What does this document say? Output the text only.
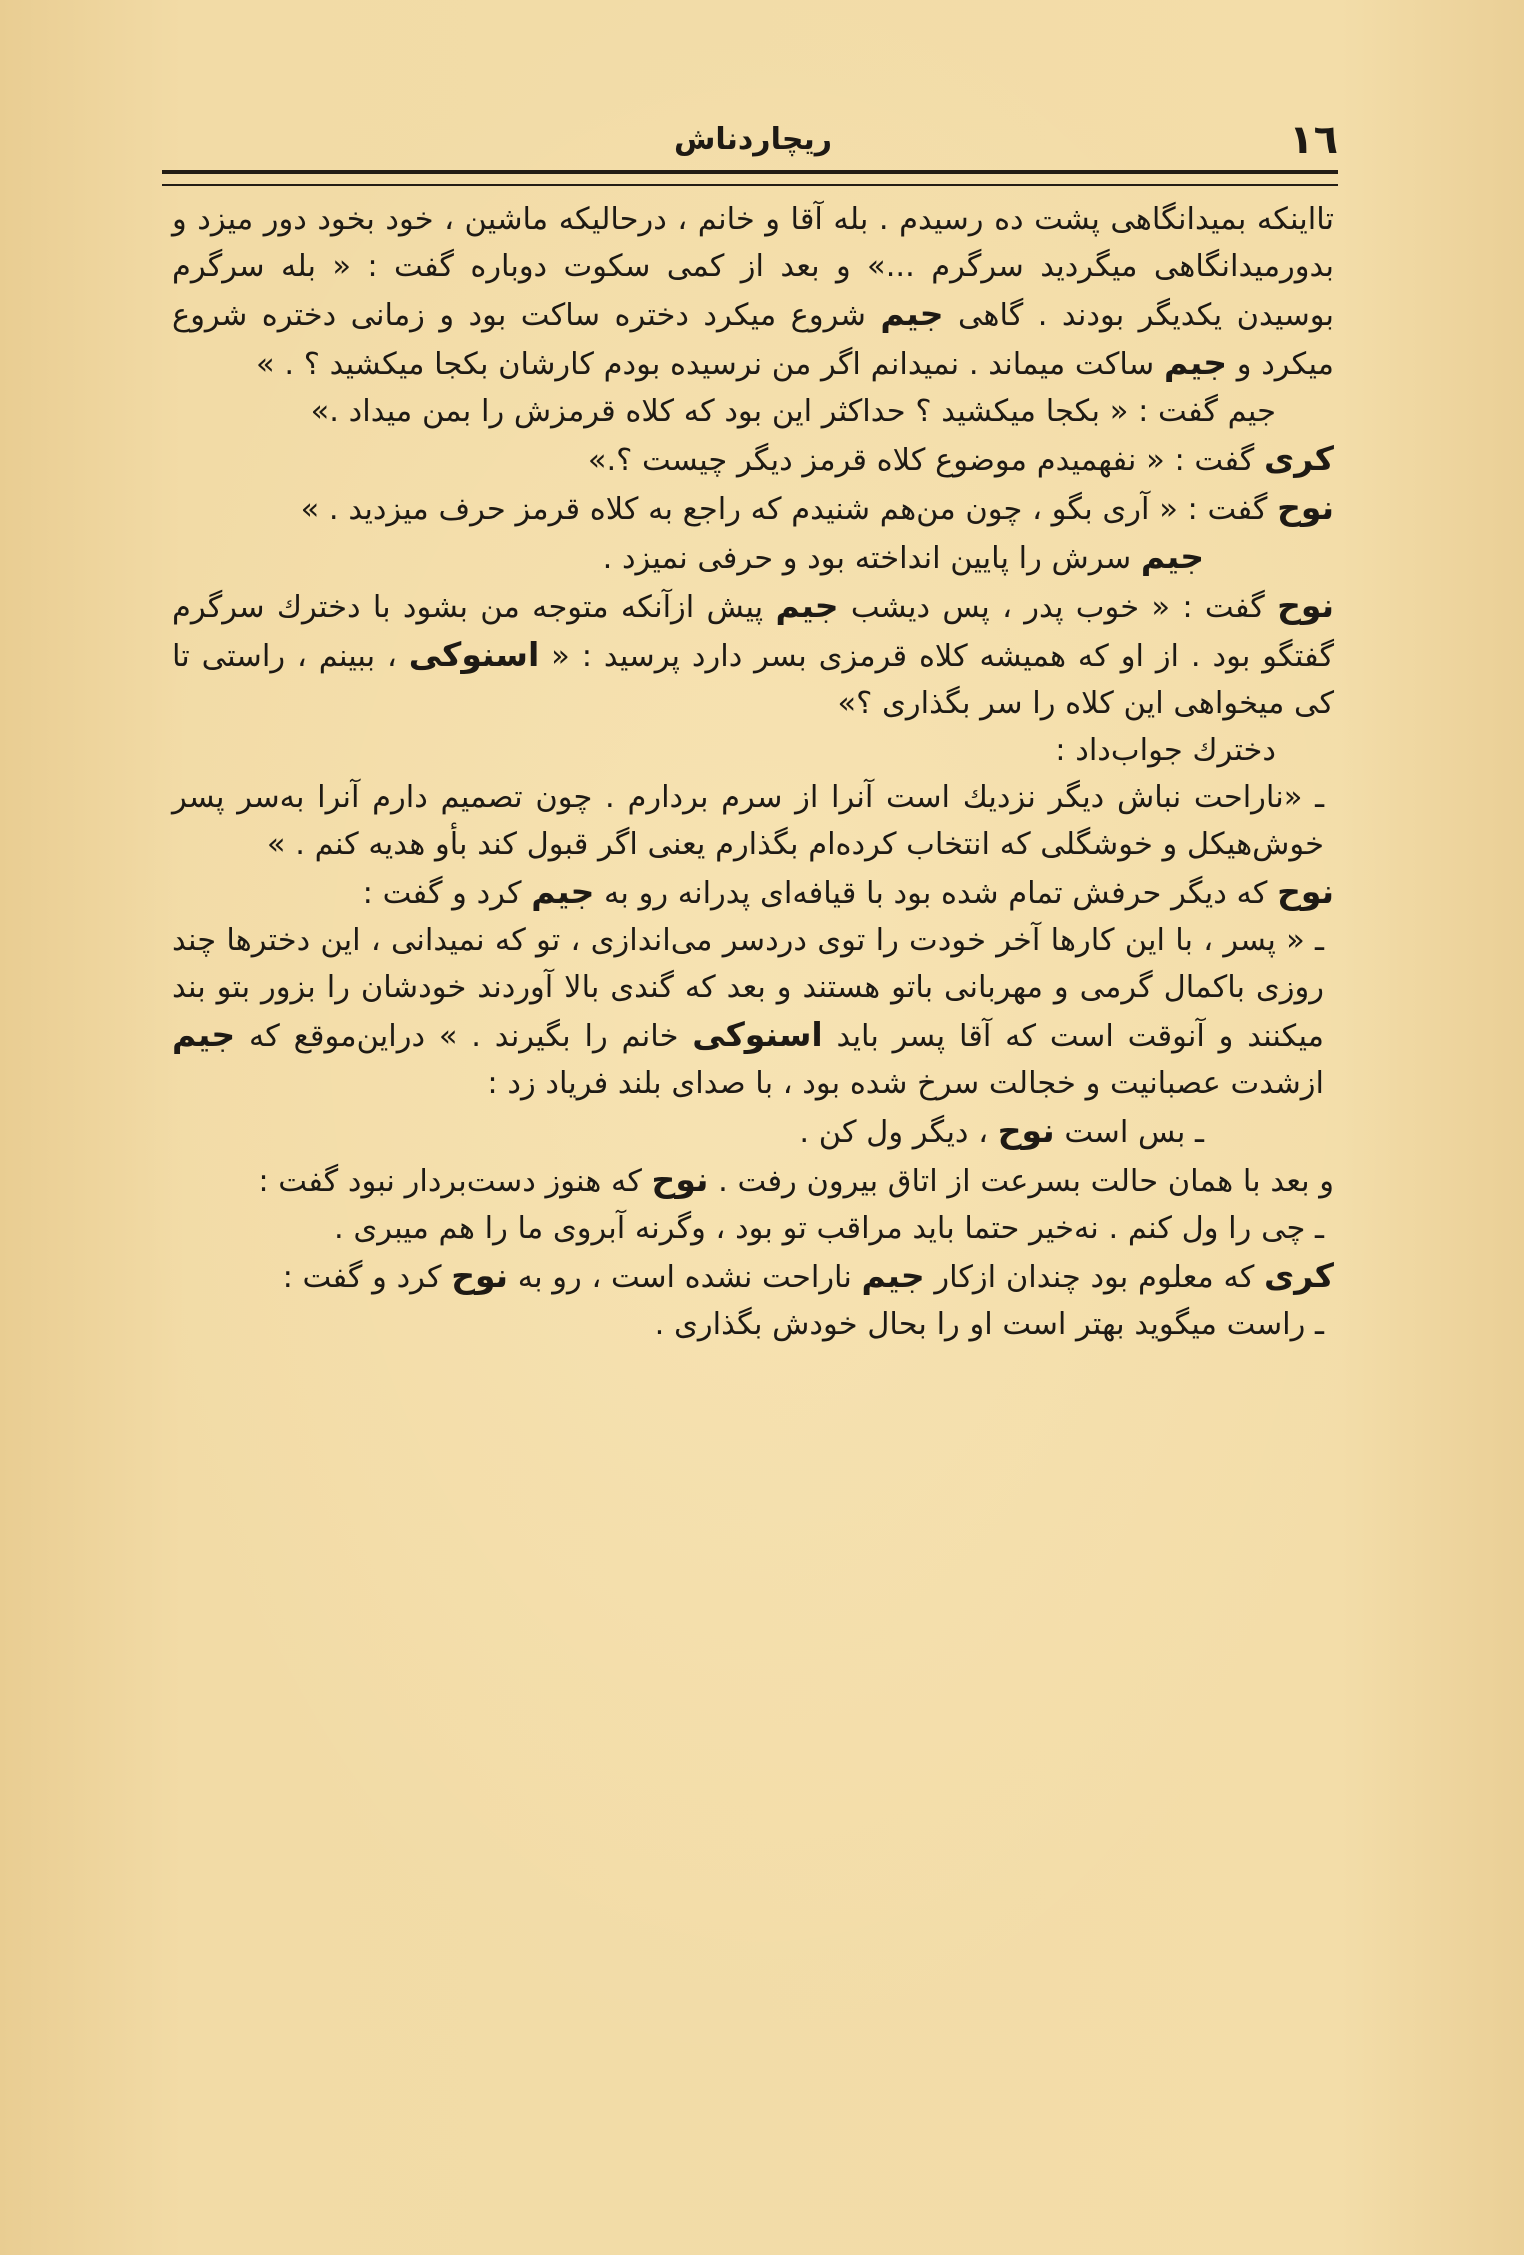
١٦
ریچاردناش

تااینکه بمیدانگاهی پشت ده رسیدم . بله آقا و خانم ، درحالیکه ماشین ، خود بخود دور میزد و بدورمیدانگاهی میگردید سرگرم ...» و بعد از کمی سکوت دوباره گفت : « بله سرگرم بوسیدن یکدیگر بودند . گاهی جیم شروع میکرد دختره ساکت بود و زمانی دختره شروع میکرد و جیم ساکت میماند . نمیدانم اگر من نرسیده بودم کارشان بکجا میکشید ؟ . »

جیم گفت : « بکجا میکشید ؟ حداکثر این بود که کلاه قرمزش را بمن میداد .»

کری گفت : « نفهمیدم موضوع کلاه قرمز دیگر چیست ؟.»

نوح گفت : « آری بگو ، چون من‌هم شنیدم که راجع به کلاه قرمز حرف میزدید . »

جیم سرش را پایین انداخته بود و حرفی نمیزد .

نوح گفت : « خوب پدر ، پس دیشب جیم پیش ازآنکه متوجه من بشود با دخترك سرگرم گفتگو بود . از او که همیشه کلاه قرمزی بسر دارد پرسید : « اسنوکی ، ببینم ، راستی تا کی میخواهی این کلاه را سر بگذاری ؟»

دخترك جواب‌داد :

ـ «ناراحت نباش دیگر نزدیك است آنرا از سرم بردارم . چون تصمیم دارم آنرا به‌سر پسر خوش‌هیکل و خوشگلی که انتخاب کرده‌ام بگذارم یعنی اگر قبول کند بأو هدیه کنم . »

نوح که دیگر حرفش تمام شده بود با قیافه‌ای پدرانه رو به جیم کرد و گفت :

ـ « پسر ، با این کارها آخر خودت را توی دردسر می‌اندازی ، تو که نمیدانی ، این دخترها چند روزی باکمال گرمی و مهربانی باتو هستند و بعد که گندی بالا آوردند خودشان را بزور بتو بند میکنند و آنوقت است که آقا پسر باید اسنوکی خانم را بگیرند . » دراین‌موقع که جیم ازشدت عصبانیت و خجالت سرخ شده بود ، با صدای بلند فریاد زد :

ـ بس است نوح ، دیگر ول کن .

و بعد با همان حالت بسرعت از اتاق بیرون رفت . نوح که هنوز دست‌بردار نبود گفت :

ـ چی را ول کنم . نه‌خیر حتما باید مراقب تو بود ، وگرنه آبروی ما را هم میبری .

کری که معلوم بود چندان ازکار جیم ناراحت نشده است ، رو به نوح کرد و گفت :

ـ راست میگوید بهتر است او را بحال خودش بگذاری .
